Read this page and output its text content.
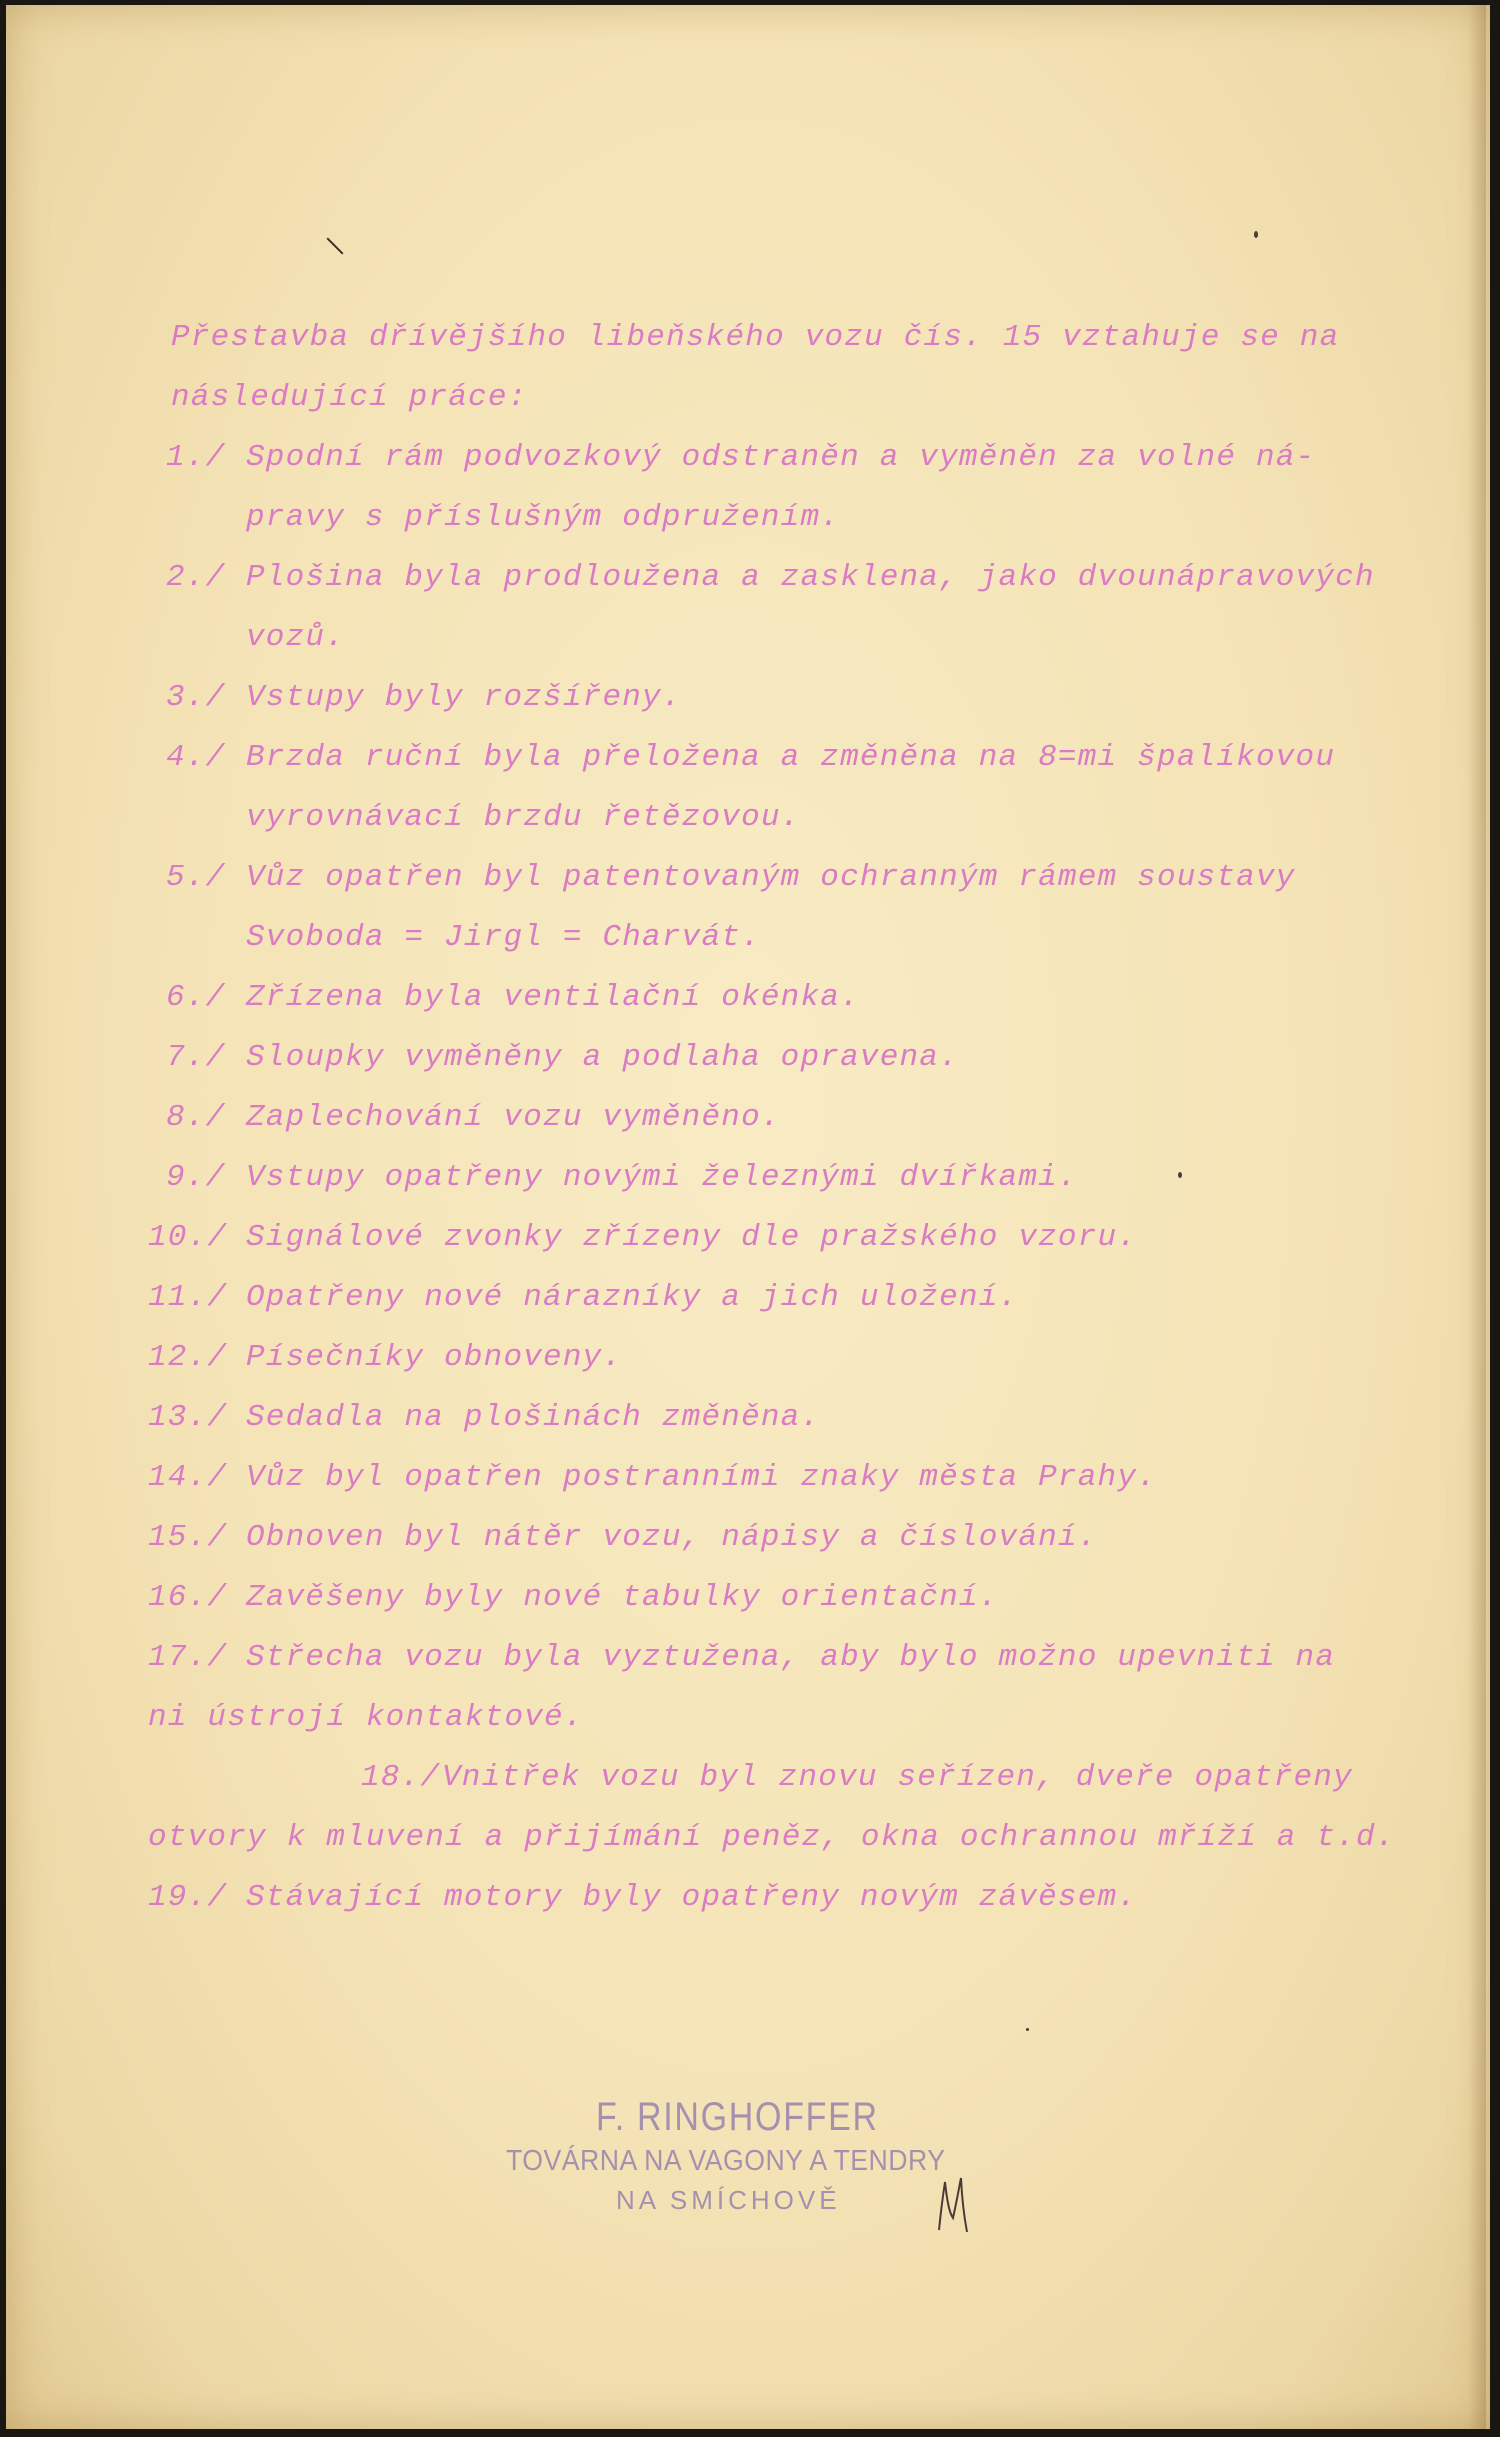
Přestavba dřívějšího libeňského vozu čís. 15 vztahuje se na
následující práce:
1./ Spodní rám podvozkový odstraněn a vyměněn za volné ná-
pravy s příslušným odpružením.
2./ Plošina byla prodloužena a zasklena, jako dvounápravových
vozů.
3./ Vstupy byly rozšířeny.
4./ Brzda ruční byla přeložena a změněna na 8=mi špalíkovou
vyrovnávací brzdu řetězovou.
5./ Vůz opatřen byl patentovaným ochranným rámem soustavy
Svoboda = Jirgl = Charvát.
6./ Zřízena byla ventilační okénka.
7./ Sloupky vyměněny a podlaha opravena.
8./ Zaplechování vozu vyměněno.
9./ Vstupy opatřeny novými železnými dvířkami.
10./ Signálové zvonky zřízeny dle pražského vzoru.
11./ Opatřeny nové nárazníky a jich uložení.
12./ Písečníky obnoveny.
13./ Sedadla na plošinách změněna.
14./ Vůz byl opatřen postranními znaky města Prahy.
15./ Obnoven byl nátěr vozu, nápisy a číslování.
16./ Zavěšeny byly nové tabulky orientační.
17./ Střecha vozu byla vyztužena, aby bylo možno upevniti na
ni ústrojí kontaktové.
18./ Vnitřek vozu byl znovu seřízen, dveře opatřeny
otvory k mluvení a přijímání peněz, okna ochrannou mříží a t.d.
19./ Stávající motory byly opatřeny novým závěsem.
F. RINGHOFFER
TOVÁRNA NA VAGONY A TENDRY
NA SMÍCHOVĚ
